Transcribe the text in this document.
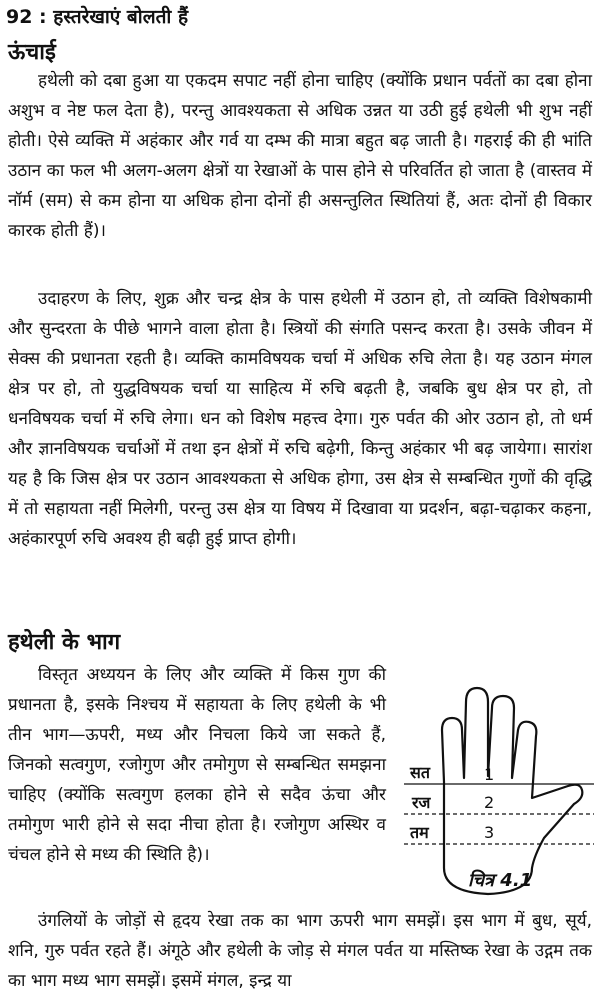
92 : हस्तरेखाएं बोलती हैं
ऊंचाई

हथेली को दबा हुआ या एकदम सपाट नहीं होना चाहिए (क्योंकि प्रधान पर्वतों का दबा होना अशुभ व नेष्ट फल देता है), परन्तु आवश्यकता से अधिक उन्नत या उठी हुई हथेली भी शुभ नहीं होती। ऐसे व्यक्ति में अहंकार और गर्व या दम्भ की मात्रा बहुत बढ़ जाती है। गहराई की ही भांति उठान का फल भी अलग-अलग क्षेत्रों या रेखाओं के पास होने से परिवर्तित हो जाता है (वास्तव में नॉर्म (सम) से कम होना या अधिक होना दोनों ही असन्तुलित स्थितियां हैं, अतः दोनों ही विकार कारक होती हैं)।

उदाहरण के लिए, शुक्र और चन्द्र क्षेत्र के पास हथेली में उठान हो, तो व्यक्ति विशेषकामी और सुन्दरता के पीछे भागने वाला होता है। स्त्रियों की संगति पसन्द करता है। उसके जीवन में सेक्स की प्रधानता रहती है। व्यक्ति कामविषयक चर्चा में अधिक रुचि लेता है। यह उठान मंगल क्षेत्र पर हो, तो युद्धविषयक चर्चा या साहित्य में रुचि बढ़ती है, जबकि बुध क्षेत्र पर हो, तो धनविषयक चर्चा में रुचि लेगा। धन को विशेष महत्त्व देगा। गुरु पर्वत की ओर उठान हो, तो धर्म और ज्ञानविषयक चर्चाओं में तथा इन क्षेत्रों में रुचि बढ़ेगी, किन्तु अहंकार भी बढ़ जायेगा। सारांश यह है कि जिस क्षेत्र पर उठान आवश्यकता से अधिक होगा, उस क्षेत्र से सम्बन्धित गुणों की वृद्धि में तो सहायता नहीं मिलेगी, परन्तु उस क्षेत्र या विषय में दिखावा या प्रदर्शन, बढ़ा-चढ़ाकर कहना, अहंकारपूर्ण रुचि अवश्य ही बढ़ी हुई प्राप्त होगी।

हथेली के भाग

विस्तृत अध्ययन के लिए और व्यक्ति में किस गुण की प्रधानता है, इसके निश्चय में सहायता के लिए हथेली के भी तीन भाग—ऊपरी, मध्य और निचला किये जा सकते हैं, जिनको सत्वगुण, रजोगुण और तमोगुण से सम्बन्धित समझना चाहिए (क्योंकि सत्वगुण हलका होने से सदैव ऊंचा और तमोगुण भारी होने से सदा नीचा होता है। रजोगुण अस्थिर व चंचल होने से मध्य की स्थिति है)।

सत
रज
तम
1
2
3
चित्र 4.1

उंगलियों के जोड़ों से हृदय रेखा तक का भाग ऊपरी भाग समझें। इस भाग में बुध, सूर्य, शनि, गुरु पर्वत रहते हैं। अंगूठे और हथेली के जोड़ से मंगल पर्वत या मस्तिष्क रेखा के उद्गम तक का भाग मध्य भाग समझें। इसमें मंगल, इन्द्र या
